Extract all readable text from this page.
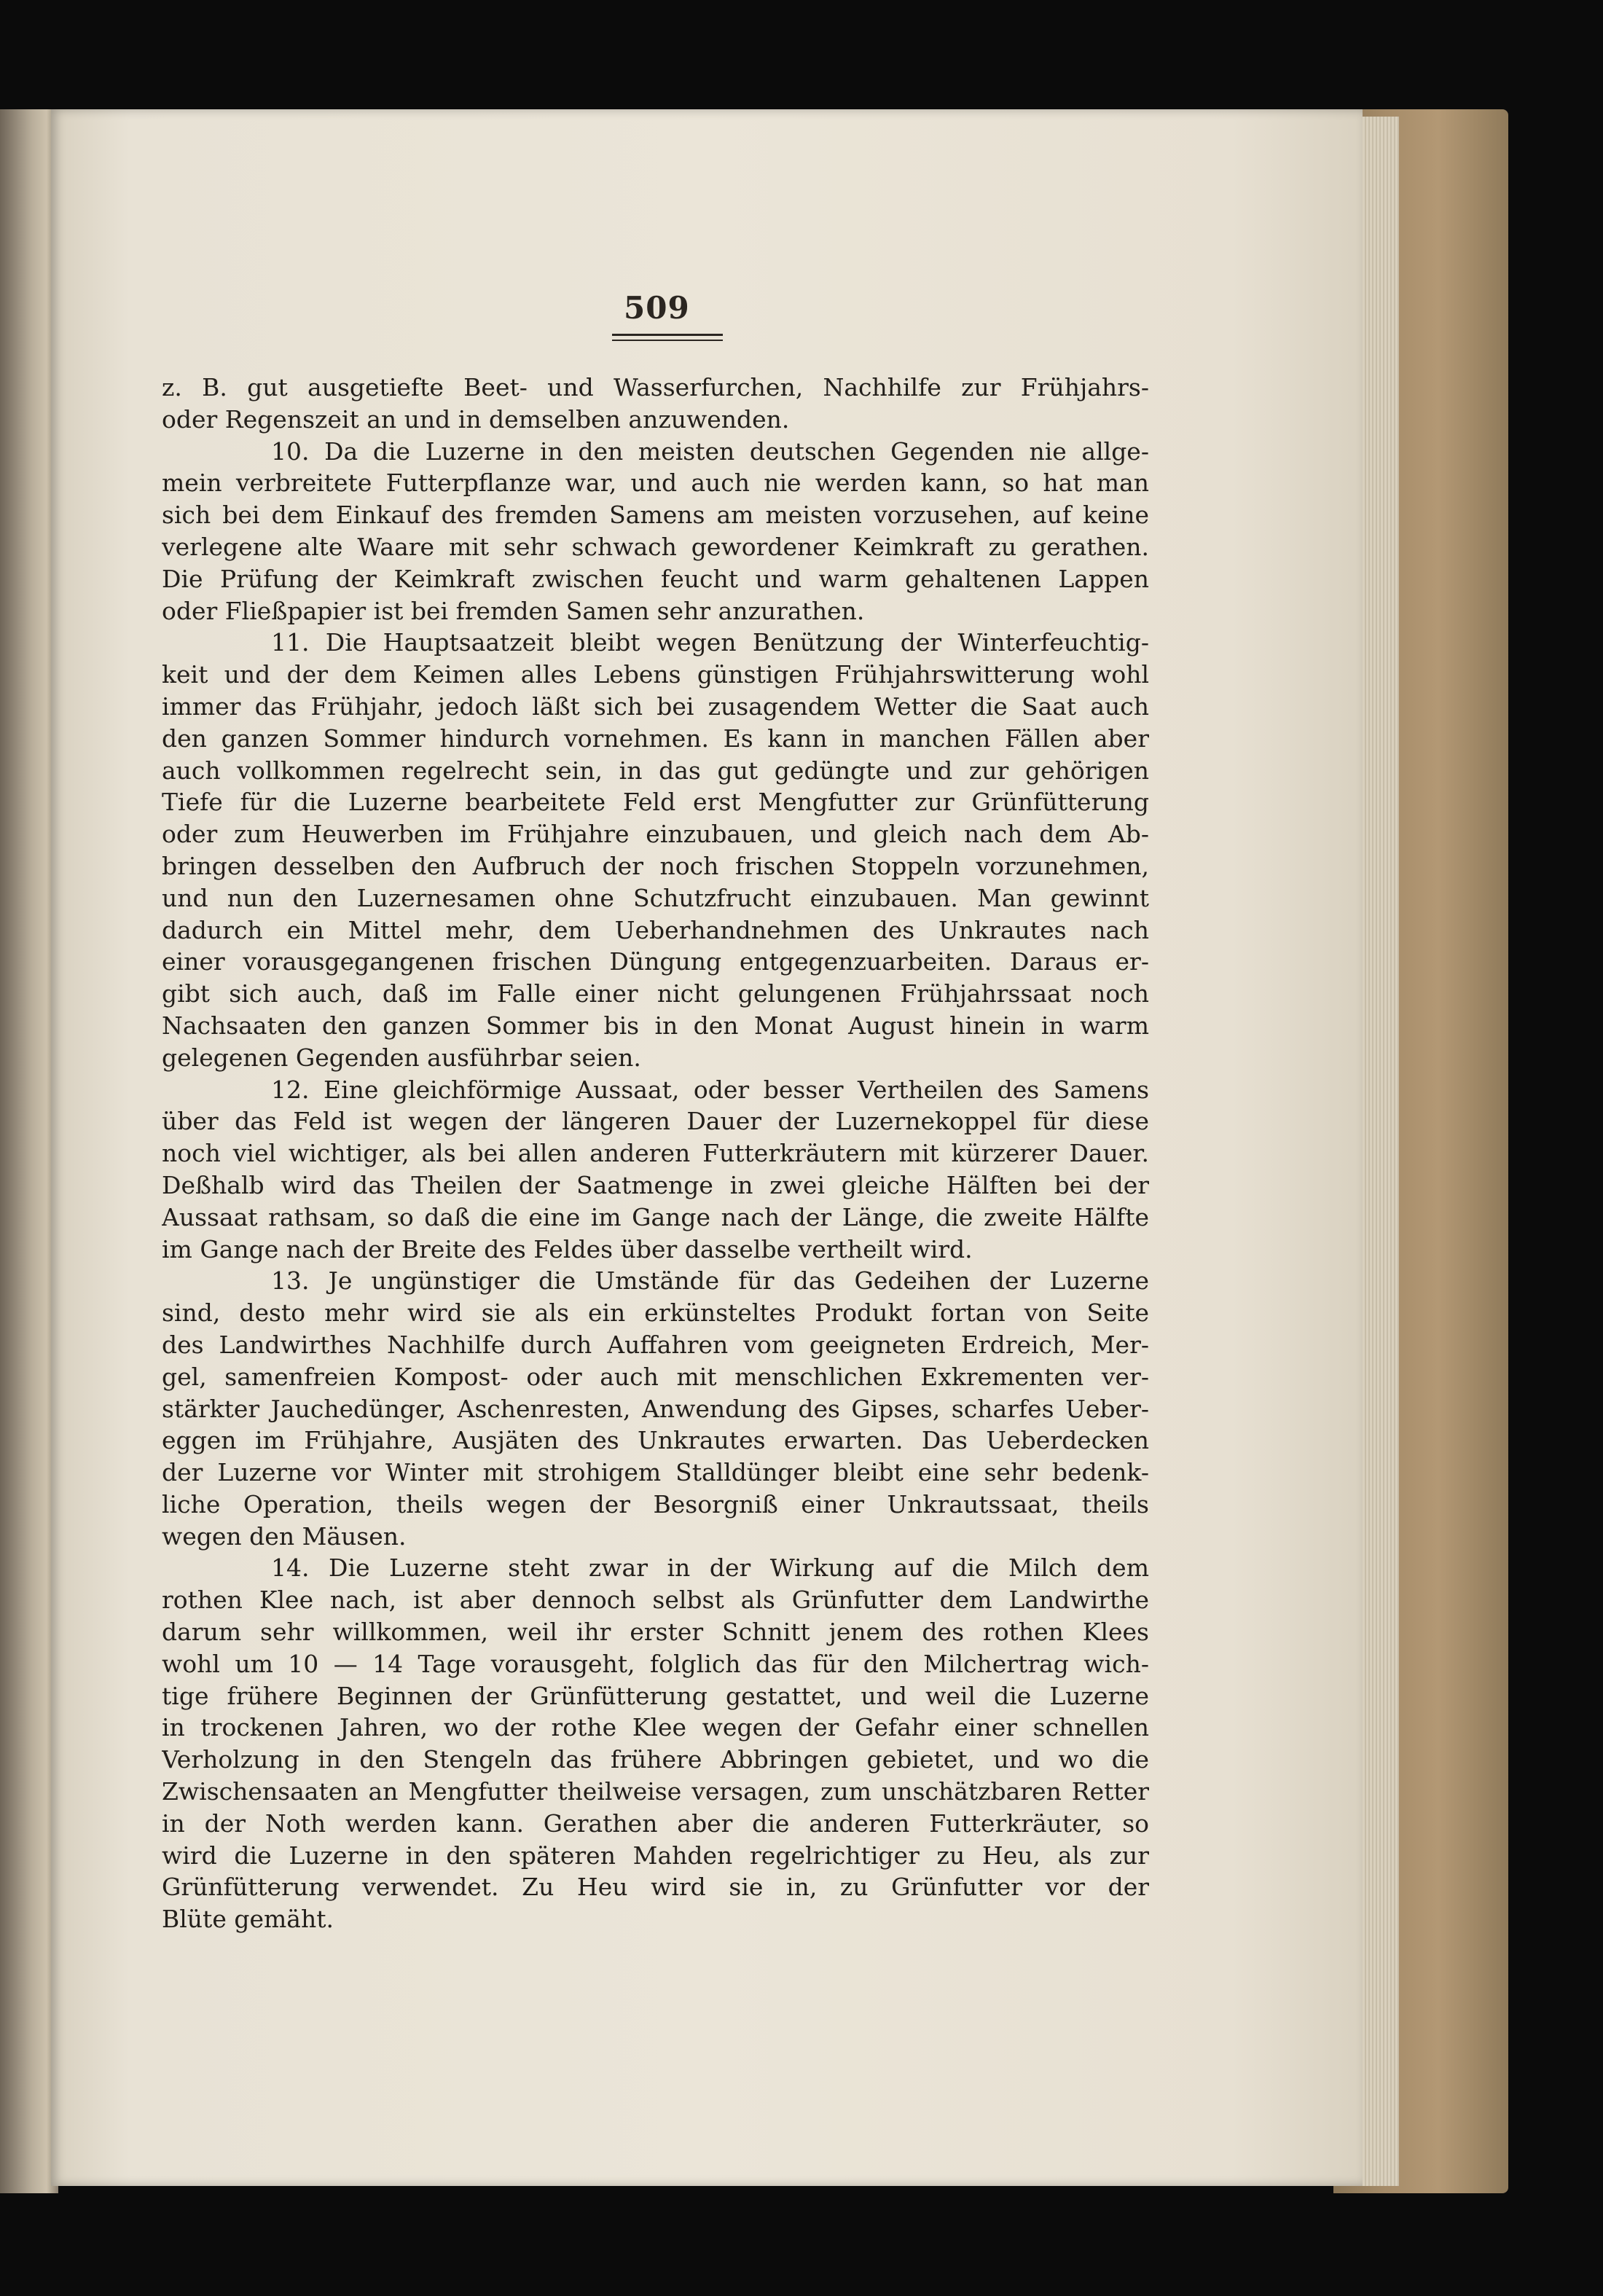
509
z. B. gut ausgetiefte Beet- und Wasserfurchen, Nachhilfe zur Frühjahrs-
oder Regenszeit an und in demselben anzuwenden.
10. Da die Luzerne in den meisten deutschen Gegenden nie allge-
mein verbreitete Futterpflanze war, und auch nie werden kann, so hat man
sich bei dem Einkauf des fremden Samens am meisten vorzusehen, auf keine
verlegene alte Waare mit sehr schwach gewordener Keimkraft zu gerathen.
Die Prüfung der Keimkraft zwischen feucht und warm gehaltenen Lappen
oder Fließpapier ist bei fremden Samen sehr anzurathen.
11. Die Hauptsaatzeit bleibt wegen Benützung der Winterfeuchtig-
keit und der dem Keimen alles Lebens günstigen Frühjahrswitterung wohl
immer das Frühjahr, jedoch läßt sich bei zusagendem Wetter die Saat auch
den ganzen Sommer hindurch vornehmen. Es kann in manchen Fällen aber
auch vollkommen regelrecht sein, in das gut gedüngte und zur gehörigen
Tiefe für die Luzerne bearbeitete Feld erst Mengfutter zur Grünfütterung
oder zum Heuwerben im Frühjahre einzubauen, und gleich nach dem Ab-
bringen desselben den Aufbruch der noch frischen Stoppeln vorzunehmen,
und nun den Luzernesamen ohne Schutzfrucht einzubauen. Man gewinnt
dadurch ein Mittel mehr, dem Ueberhandnehmen des Unkrautes nach
einer vorausgegangenen frischen Düngung entgegenzuarbeiten. Daraus er-
gibt sich auch, daß im Falle einer nicht gelungenen Frühjahrssaat noch
Nachsaaten den ganzen Sommer bis in den Monat August hinein in warm
gelegenen Gegenden ausführbar seien.
12. Eine gleichförmige Aussaat, oder besser Vertheilen des Samens
über das Feld ist wegen der längeren Dauer der Luzernekoppel für diese
noch viel wichtiger, als bei allen anderen Futterkräutern mit kürzerer Dauer.
Deßhalb wird das Theilen der Saatmenge in zwei gleiche Hälften bei der
Aussaat rathsam, so daß die eine im Gange nach der Länge, die zweite Hälfte
im Gange nach der Breite des Feldes über dasselbe vertheilt wird.
13. Je ungünstiger die Umstände für das Gedeihen der Luzerne
sind, desto mehr wird sie als ein erkünsteltes Produkt fortan von Seite
des Landwirthes Nachhilfe durch Auffahren vom geeigneten Erdreich, Mer-
gel, samenfreien Kompost- oder auch mit menschlichen Exkrementen ver-
stärkter Jauchedünger, Aschenresten, Anwendung des Gipses, scharfes Ueber-
eggen im Frühjahre, Ausjäten des Unkrautes erwarten. Das Ueberdecken
der Luzerne vor Winter mit strohigem Stalldünger bleibt eine sehr bedenk-
liche Operation, theils wegen der Besorgniß einer Unkrautssaat, theils
wegen den Mäusen.
14. Die Luzerne steht zwar in der Wirkung auf die Milch dem
rothen Klee nach, ist aber dennoch selbst als Grünfutter dem Landwirthe
darum sehr willkommen, weil ihr erster Schnitt jenem des rothen Klees
wohl um 10 — 14 Tage vorausgeht, folglich das für den Milchertrag wich-
tige frühere Beginnen der Grünfütterung gestattet, und weil die Luzerne
in trockenen Jahren, wo der rothe Klee wegen der Gefahr einer schnellen
Verholzung in den Stengeln das frühere Abbringen gebietet, und wo die
Zwischensaaten an Mengfutter theilweise versagen, zum unschätzbaren Retter
in der Noth werden kann. Gerathen aber die anderen Futterkräuter, so
wird die Luzerne in den späteren Mahden regelrichtiger zu Heu, als zur
Grünfütterung verwendet. Zu Heu wird sie in, zu Grünfutter vor der
Blüte gemäht.
